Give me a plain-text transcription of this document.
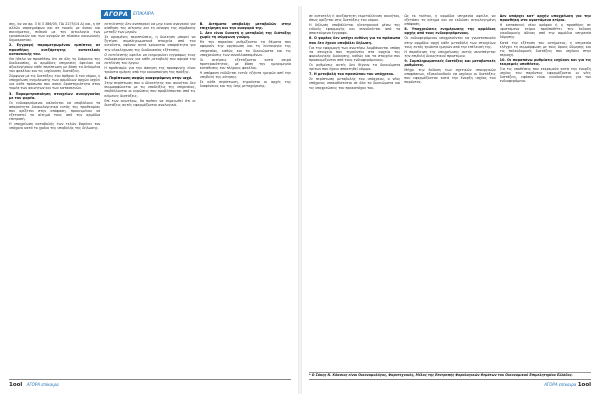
ΑΓΟΡΑ	ΕΠΙΚΑΙΡΑ

σης, bν να αρ. 3 Ν 3 386/05, ΠΔ 2275/14 Δ) και, η ήπ αλλών σαραγράφων και σε τοιούς με άνεου και σκευήματος, πιθανά με την αιτιολογία των εργασιακών και των αγορών σε πλαίσιο κοινωνικής δημοκρατίας.

2. Εγγραφή παραμετρωμένου εμπίπτος σε προσθήκη ανεξάρτητης αυτοτελούς κατασκευής του.

Θα ήθελα να προσθέσω ότι σε όλη τη διάρκεια της διαδικασίας, οι αρμόδιες υπηρεσίες όφειλαν να αξιολογήσουν κάθε περίπτωση με βάση τα δεδομένα του φακέλου και τις ισχύουσες διατάξεις.

Σύμφωνα με τις διατάξεις του άρθρου 4 του νόμου, η υποχρέωση ενημέρωσης των αρμόδιων αρχών ισχύει για κάθε πρόσωπο που ασκεί δραστηριότητα στον τομέα των ακινήτων και των κατασκευών.

3. Παραμετροποίηση στοιχείων συνεργασίας με τον φορέα.

Οι ενδιαφερόμενοι καλούνται να υποβάλουν τα απαραίτητα δικαιολογητικά εντός της προθεσμίας που ορίζεται στην απόφαση, προκειμένου να εξεταστεί το αίτημά τους από την αρμόδια επιτροπή.

Η υποχρέωση καταβολής των τελών βαρύνει τον υπόχρεο κατά το χρόνο της υποβολής της δήλωσης.

εκτελεστής δεν ανεπαρκεί να μην είναι αναγκαίο για αίσθηση της αίτησης και τη σύναψη της σύμβασης μεταξύ των μερών.

Σε ορισμένες περιπτώσεις, η διοίκηση μπορεί να ζητήσει συμπληρωματικά στοιχεία από τον αιτούντα, εφόσον αυτά κρίνονται απαραίτητα για την ολοκλήρωση της διαδικασίας εξέτασης.

Ο εκτελεστής οφείλει να ενημερώνει εγγράφως τους ενδιαφερόμενους για κάθε μεταβολή που αφορά την εκτέλεση του έργου.

Η προθεσμία για την άσκηση της προσφυγής είναι τριάντα ημέρες από την κοινοποίηση της πράξης.

4. Περίπτωση σαφώς αναφερόμενη στην ισχύ.

Στην περίπτωση που ο ιδιοκτήτης του ακινήτου δεν συμμορφώνεται με τις υποδείξεις της υπηρεσίας, επιβάλλονται οι κυρώσεις που προβλέπονται από τις κείμενες διατάξεις.

Επί των ανωτέρω, θα πρέπει να σημειωθεί ότι οι διατάξεις αυτές εφαρμόζονται αναλογικά.

Β. Αιτήματα υποβολής μεταβολών στην επιχείρηση και την αναφορά της.

1. Δεν είναι δυνατή η μεταβολή της διάταξης χωρίς τη σύμφωνη γνώμη.

Με την παρούσα ρυθμίζονται τα θέματα που αφορούν την οργάνωση και τη λειτουργία της υπηρεσίας, καθώς και τα δικαιώματα και τις υποχρεώσεις των συναλλασσομένων.

Οι αιτήσεις εξετάζονται κατά σειρά προτεραιότητας, με βάση την ημερομηνία κατάθεσης του πλήρους φακέλου.

Η απόφαση εκδίδεται εντός εξήντα ημερών από την υποβολή της αίτησης.

Σε κάθε περίπτωση, τηρούνται οι αρχές της διαφάνειας και της ίσης μεταχείρισης.

1ool ΑΓΟΡΑ επίκαιρα

σε αυτοτελή ή ανεξάρτητη εκμετάλλευση ακινήτου, όπως ορίζεται στις διατάξεις του νόμου.

Η δήλωση υποβάλλεται ηλεκτρονικά μέσω της ειδικής εφαρμογής και συνοδεύεται από τα απαιτούμενα έγγραφα.

6. Ο φορέας δεν υπέχει ευθύνη για τα πρόσωπα που δεν έχουν υποβάλει δήλωση.

Για την εφαρμογή των ανωτέρω λαμβάνονται υπόψη τα στοιχεία που τηρούνται στα αρχεία της φορολογικής διοίκησης, καθώς και τα στοιχεία που προσκομίζονται από τους ενδιαφερόμενους.

Οι ρυθμίσεις αυτές δεν θίγουν τα δικαιώματα τρίτων που έχουν αποκτηθεί νόμιμα.

7. Η μεταβολή του προσώπου του υπόχρεου.

Σε περίπτωση μεταβολής του υπόχρεου, ο νέος υπόχρεος υποκαθίσταται σε όλα τα δικαιώματα και τις υποχρεώσεις του προκατόχου του.

Ως εκ τούτου, η αρμόδια υπηρεσία οφείλει να εξετάσει το αίτημα και να εκδώσει αιτιολογημένη απόφαση.

8. Υποχρεώσεις ενημέρωσης της αρμόδιας αρχής από τους ενδιαφερόμενους.

Οι ενδιαφερόμενοι υποχρεούνται να γνωστοποιούν στην αρμόδια αρχή κάθε μεταβολή των στοιχείων τους εντός τριάντα ημερών από την επέλευσή της.

Η παράλειψη της υποχρέωσης αυτής συνεπάγεται την επιβολή διοικητικού προστίμου.

9. Συμπληρωματικές διατάξεις και μεταβατικές ρυθμίσεις.

Μέχρι την έκδοση των σχετικών υπουργικών αποφάσεων, εξακολουθούν να ισχύουν οι διατάξεις που εφαρμόζονταν κατά την έναρξη ισχύος του παρόντος.

Δεν υπάρχει κατ' αρχήν υποχρέωση για την προσθήκη στο υφιστάμενο κτίριο.

Η κατασκευή νέου ορόφου ή η προσθήκη σε υφιστάμενο κτίριο προϋποθέτει την έκδοση οικοδομικής άδειας από την αρμόδια υπηρεσία δόμησης.

Κατά την εξέταση του αιτήματος, η υπηρεσία ελέγχει τη συμμόρφωση με τους όρους δόμησης και τις πολεοδομικές διατάξεις που ισχύουν στην περιοχή.

10. Οι παραπάνω ρυθμίσεις ισχύουν και για τις εκκρεμείς υποθέσεις.

Για τις υποθέσεις που εκκρεμούν κατά την έναρξη ισχύος του παρόντος εφαρμόζονται οι νέες διατάξεις, εφόσον είναι ευνοϊκότερες για τον ενδιαφερόμενο.

* Ο Σάκης Ν. Κόσσιος είναι Οικονομολόγος, Φοροτεχνικός, Μέλος της Επιτροπής Φορολογικών Θεμάτων του Οικονομικού Επιμελητηρίου Ελλάδος.
ΑΓΟΡΑ επίκαιρα 1ool
